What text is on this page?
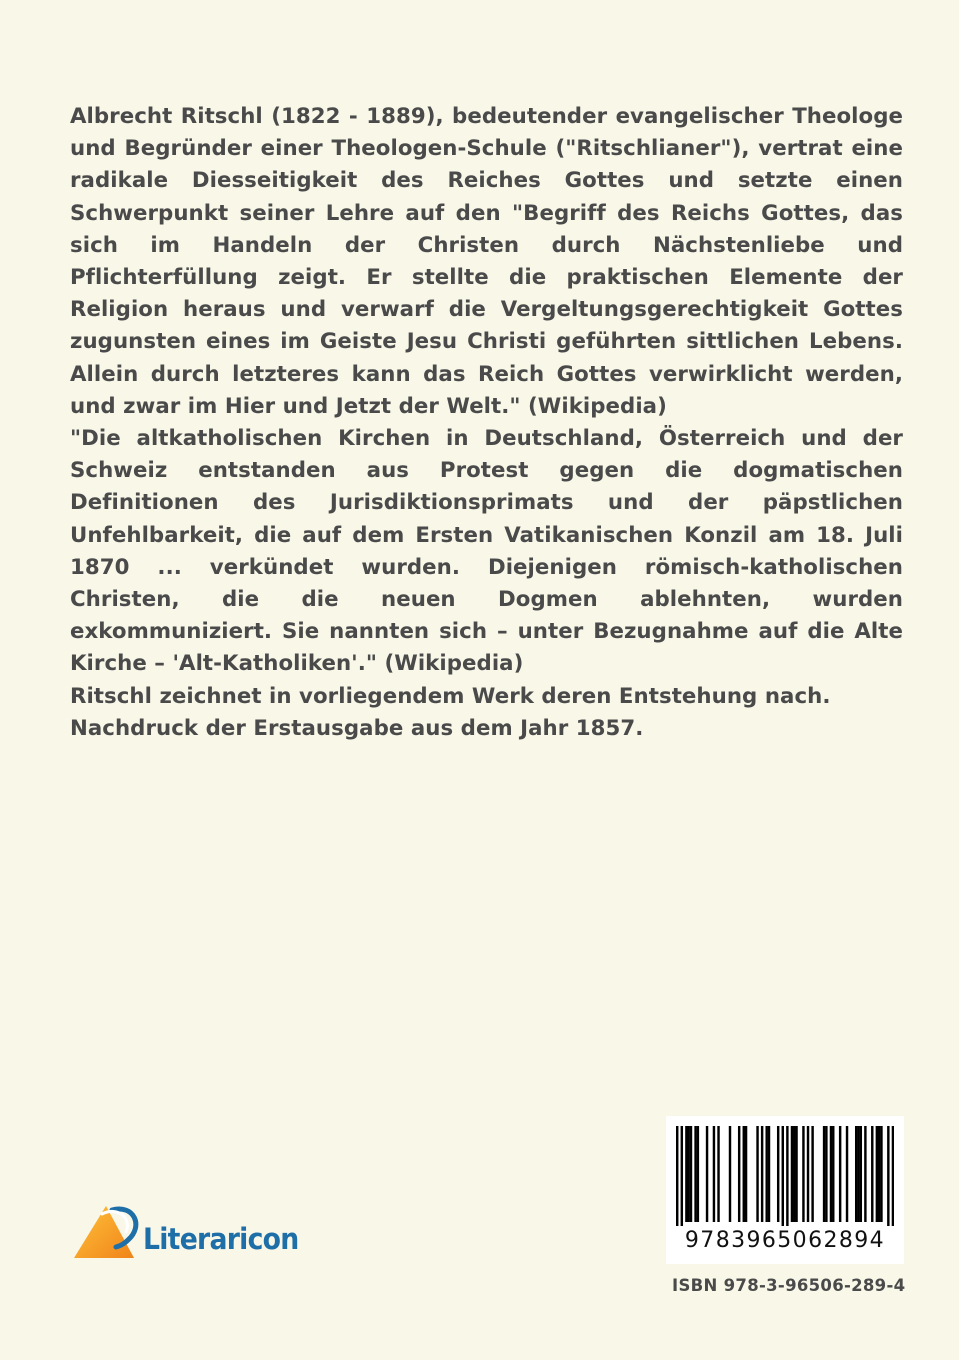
Albrecht Ritschl (1822 - 1889), bedeutender evangelischer Theologe und Begründer einer Theologen-Schule ("Ritschlianer"), vertrat eine radikale Diesseitigkeit des Reiches Gottes und setzte einen Schwerpunkt seiner Lehre auf den "Begriff des Reichs Gottes, das sich im Handeln der Christen durch Nächstenliebe und Pflichterfüllung zeigt. Er stellte die praktischen Elemente der Religion heraus und verwarf die Vergeltungsgerechtigkeit Gottes zugunsten eines im Geiste Jesu Christi geführten sittlichen Lebens. Allein durch letzteres kann das Reich Gottes verwirklicht werden, und zwar im Hier und Jetzt der Welt." (Wikipedia)

"Die altkatholischen Kirchen in Deutschland, Österreich und der Schweiz entstanden aus Protest gegen die dogmatischen Definitionen des Jurisdiktionsprimats und der päpstlichen Unfehlbarkeit, die auf dem Ersten Vatikanischen Konzil am 18. Juli 1870 ... verkündet wurden. Diejenigen römisch-katholischen Christen, die die neuen Dogmen ablehnten, wurden exkommuniziert. Sie nannten sich – unter Bezugnahme auf die Alte Kirche – 'Alt-Katholiken'." (Wikipedia)

Ritschl zeichnet in vorliegendem Werk deren Entstehung nach.

Nachdruck der Erstausgabe aus dem Jahr 1857.

Literaricon	9783965062894
ISBN 978-3-96506-289-4
